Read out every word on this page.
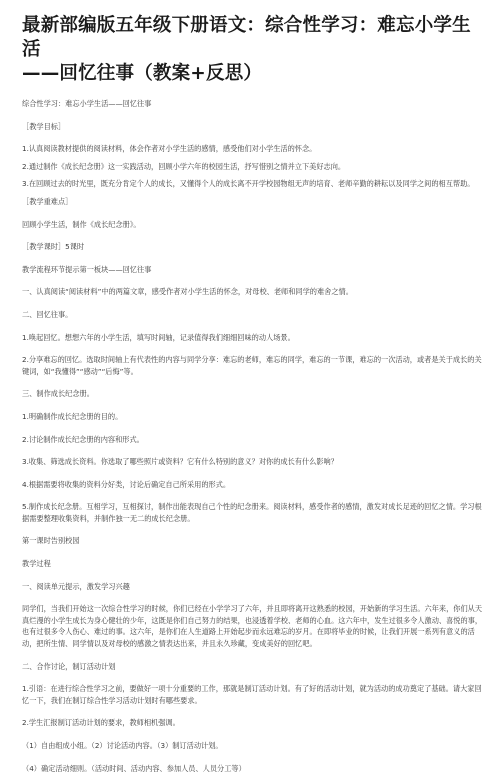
最新部编版五年级下册语文：综合性学习：难忘小学生活
——回忆往事（教案+反思）

综合性学习：难忘小学生活——回忆往事

［教学目标］

1.认真阅读教材提供的阅读材料，体会作者对小学生活的感情，感受他们对小学生活的怀念。

2.通过制作《成长纪念册》这一实践活动，回顾小学六年的校园生活，抒写惜别之情并立下美好志向。

3.在回顾过去的时光里，既充分肯定个人的成长，又懂得个人的成长离不开学校园物组无声的培育、老师辛勤的耕耘以及同学之间的相互帮助。

［教学重难点］

回顾小学生活，制作《成长纪念册》。

［教学课时］5课时

教学流程环节提示第一板块——回忆往事

一、认真阅读“阅读材料”中的两篇文章，感受作者对小学生活的怀念，对母校、老师和同学的难舍之情。

二、回忆往事。

1.唤起回忆。想想六年的小学生活，填写时间轴，记录值得我们细细回味的动人场景。

2.分享难忘的回忆。选取时间轴上有代表性的内容与同学分享：难忘的老师，难忘的同学，难忘的一节课，难忘的一次活动，或者是关于成长的关键词，如“我懂得”“感动”“后悔”等。

三、制作成长纪念册。

1.明确制作成长纪念册的目的。

2.讨论制作成长纪念册的内容和形式。

3.收集、筛选成长资料。你选取了哪些照片或资料？它有什么特别的意义？对你的成长有什么影响？

4.根据需要将收集的资料分好类，讨论后确定自己所采用的形式。

5.制作成长纪念册。互相学习，互相探讨，制作出能表现自己个性的纪念册来。阅读材料，感受作者的感情，激发对成长足迹的回忆之情。学习根据需要整理收集资料，并制作独一无二的成长纪念册。

第一课时告别校园

教学过程

一、阅读单元提示，激发学习兴趣

同学们，当我们开始这一次综合性学习的时候，你们已经在小学学习了六年，并且即将离开这熟悉的校园，开始新的学习生活。六年来，你们从天真烂漫的小学生成长为身心健壮的少年，这既是你们自己努力的结果，也浸透着学校、老师的心血。这六年中，发生过很多令人激动、喜悦的事，也有过很多令人伤心、难过的事。这六年，是你们在人生道路上开始起步而永远难忘的岁月。在即将毕业的时候，让我们开展一系列有意义的活动，把所生情、同学情以及对母校的感激之情表达出来，并且永久珍藏，变成美好的回忆吧。

二、合作讨论，制订活动计划

1.引语：在进行综合性学习之前，要做好一项十分重要的工作，那就是制订活动计划。有了好的活动计划，就为活动的成功奠定了基础。请大家回忆一下，我们在制订综合性学习活动计划时有哪些要求。

2.学生汇报制订活动计划的要求，教师相机强调。

（1）自由组成小组。（2）讨论活动内容。（3）制订活动计划。

（4）确定活动细则。（活动时间、活动内容、参加人员、人员分工等）
